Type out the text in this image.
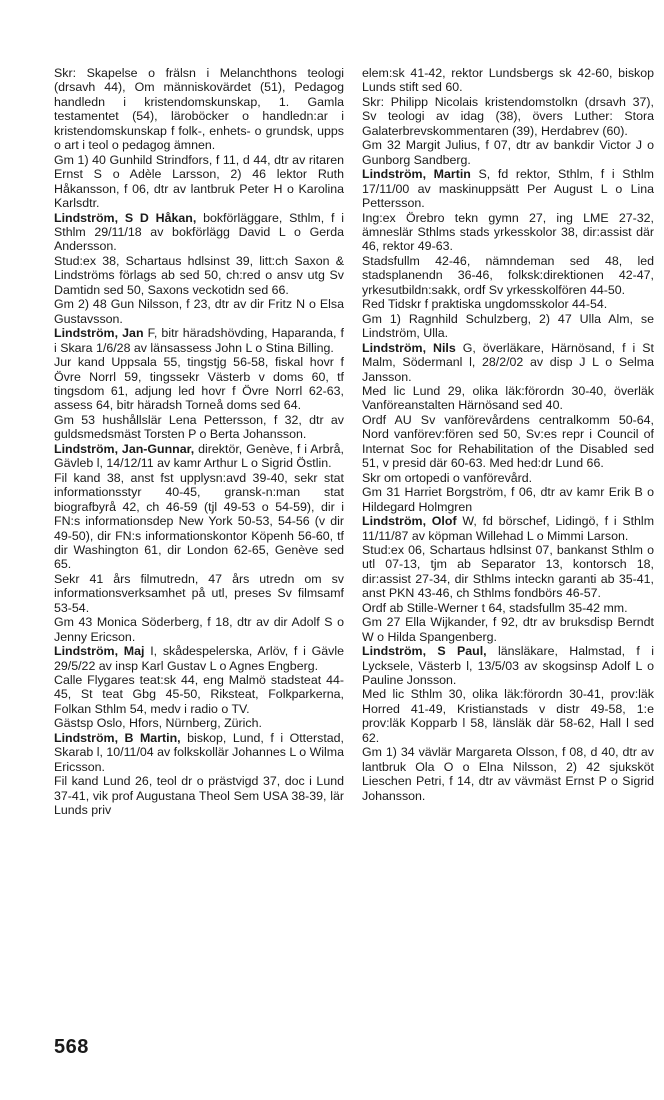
Skr: Skapelse o frälsn i Melanchthons teologi (drsavh 44), Om människovärdet (51), Pedagog handledn i kristendomskunskap, 1. Gamla testamentet (54), läroböcker o handledn:ar i kristendomskunskap f folk-, enhets- o grundsk, upps o art i teol o pedagog ämnen.

Gm 1) 40 Gunhild Strindfors, f 11, d 44, dtr av ritaren Ernst S o Adèle Larsson, 2) 46 lektor Ruth Håkansson, f 06, dtr av lantbruk Peter H o Karolina Karlsdtr.

Lindström, S D Håkan, bokförläggare, Sthlm, f i Sthlm 29/11/18 av bokförlägg David L o Gerda Andersson.

Stud:ex 38, Schartaus hdlsinst 39, litt:ch Saxon & Lindströms förlags ab sed 50, ch:red o ansv utg Sv Damtidn sed 50, Saxons veckotidn sed 66.

Gm 2) 48 Gun Nilsson, f 23, dtr av dir Fritz N o Elsa Gustavsson.

Lindström, Jan F, bitr häradshövding, Haparanda, f i Skara 1/6/28 av länsassess John L o Stina Billing.

Jur kand Uppsala 55, tingstjg 56-58, fiskal hovr f Övre Norrl 59, tingssekr Västerb v doms 60, tf tingsdom 61, adjung led hovr f Övre Norrl 62-63, assess 64, bitr häradsh Torneå doms sed 64.

Gm 53 hushållslär Lena Pettersson, f 32, dtr av guldsmedsmäst Torsten P o Berta Johansson.

Lindström, Jan-Gunnar, direktör, Genève, f i Arbrå, Gävleb l, 14/12/11 av kamr Arthur L o Sigrid Östlin.

Fil kand 38, anst fst upplysn:avd 39-40, sekr stat informationsstyr 40-45, gransk-n:man stat biografbyrå 42, ch 46-59 (tjl 49-53 o 54-59), dir i FN:s informationsdep New York 50-53, 54-56 (v dir 49-50), dir FN:s informationskontor Köpenh 56-60, tf dir Washington 61, dir London 62-65, Genève sed 65.

Sekr 41 års filmutredn, 47 års utredn om sv informationsverksamhet på utl, preses Sv filmsamf 53-54.

Gm 43 Monica Söderberg, f 18, dtr av dir Adolf S o Jenny Ericson.

Lindström, Maj I, skådespelerska, Arlöv, f i Gävle 29/5/22 av insp Karl Gustav L o Agnes Engberg.

Calle Flygares teat:sk 44, eng Malmö stadsteat 44-45, St teat Gbg 45-50, Riksteat, Folkparkerna, Folkan Sthlm 54, medv i radio o TV.

Gästsp Oslo, Hfors, Nürnberg, Zürich.

Lindström, B Martin, biskop, Lund, f i Otterstad, Skarab l, 10/11/04 av folkskollär Johannes L o Wilma Ericsson.

Fil kand Lund 26, teol dr o prästvigd 37, doc i Lund 37-41, vik prof Augustana Theol Sem USA 38-39, lär Lunds priv

elem:sk 41-42, rektor Lundsbergs sk 42-60, biskop Lunds stift sed 60.

Skr: Philipp Nicolais kristendomstolkn (drsavh 37), Sv teologi av idag (38), övers Luther: Stora Galaterbrevskommentaren (39), Herdabrev (60).

Gm 32 Margit Julius, f 07, dtr av bankdir Victor J o Gunborg Sandberg.

Lindström, Martin S, fd rektor, Sthlm, f i Sthlm 17/11/00 av maskinuppsätt Per August L o Lina Pettersson.

Ing:ex Örebro tekn gymn 27, ing LME 27-32, ämneslär Sthlms stads yrkesskolor 38, dir:assist där 46, rektor 49-63.

Stadsfullm 42-46, nämndeman sed 48, led stadsplanendn 36-46, folksk:direktionen 42-47, yrkesutbildn:sakk, ordf Sv yrkesskolfören 44-50.

Red Tidskr f praktiska ungdomsskolor 44-54.

Gm 1) Ragnhild Schulzberg, 2) 47 Ulla Alm, se Lindström, Ulla.

Lindström, Nils G, överläkare, Härnösand, f i St Malm, Södermanl l, 28/2/02 av disp J L o Selma Jansson.

Med lic Lund 29, olika läk:förordn 30-40, överläk Vanföreanstalten Härnösand sed 40.

Ordf AU Sv vanförevårdens centralkomm 50-64, Nord vanförev:fören sed 50, Sv:es repr i Council of Internat Soc for Rehabilitation of the Disabled sed 51, v presid där 60-63. Med hed:dr Lund 66.

Skr om ortopedi o vanförevård.

Gm 31 Harriet Borgström, f 06, dtr av kamr Erik B o Hildegard Holmgren

Lindström, Olof W, fd börschef, Lidingö, f i Sthlm 11/11/87 av köpman Willehad L o Mimmi Larson.

Stud:ex 06, Schartaus hdlsinst 07, bankanst Sthlm o utl 07-13, tjm ab Separator 13, kontorsch 18, dir:assist 27-34, dir Sthlms inteckn garanti ab 35-41, anst PKN 43-46, ch Sthlms fondbörs 46-57.

Ordf ab Stille-Werner t 64, stadsfullm 35-42 mm.

Gm 27 Ella Wijkander, f 92, dtr av bruksdisp Berndt W o Hilda Spangenberg.

Lindström, S Paul, länsläkare, Halmstad, f i Lycksele, Västerb l, 13/5/03 av skogsinsp Adolf L o Pauline Jonsson.

Med lic Sthlm 30, olika läk:förordn 30-41, prov:läk Horred 41-49, Kristianstads v distr 49-58, 1:e prov:läk Kopparb l 58, länsläk där 58-62, Hall l sed 62.

Gm 1) 34 vävlär Margareta Olsson, f 08, d 40, dtr av lantbruk Ola O o Elna Nilsson, 2) 42 sjuksköt Lieschen Petri, f 14, dtr av vävmäst Ernst P o Sigrid Johansson.

568
